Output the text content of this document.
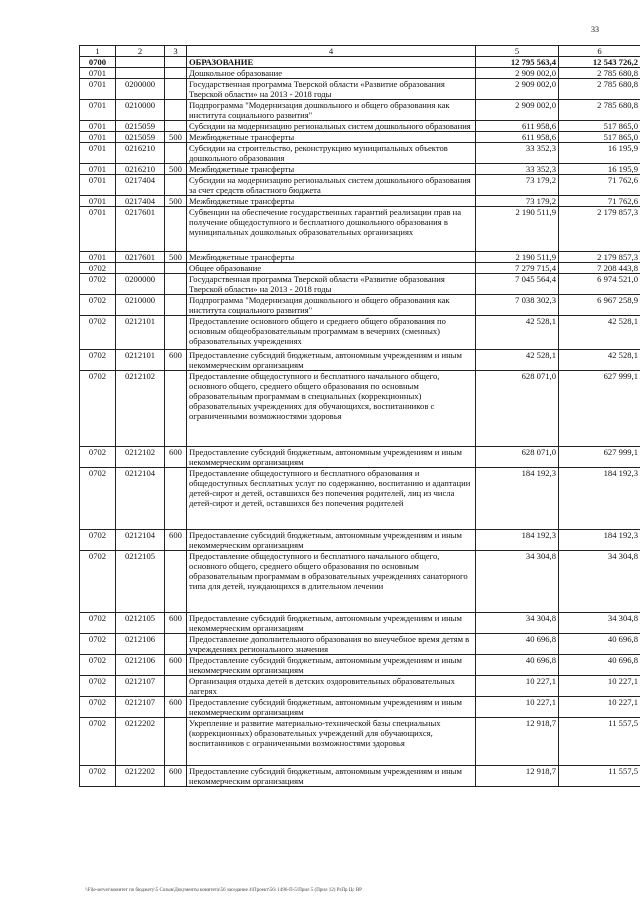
33
1	2	3	4	5	6
0700			ОБРАЗОВАНИЕ	12 795 563,4	12 543 726,2
0701			Дошкольное образование	2 909 002,0	2 785 680,8
0701	0200000		Государственная программа Тверской области «Развитие образования Тверской области» на 2013 - 2018 годы	2 909 002,0	2 785 680,8
0701	0210000		Подпрограмма "Модернизация дошкольного и общего образования как института социального развития"	2 909 002,0	2 785 680,8
0701	0215059		Субсидии на модернизацию региональных систем дошкольного образования	611 958,6	517 865,0
0701	0215059	500	Межбюджетные трансферты	611 958,6	517 865,0
0701	0216210		Субсидии на строительство, реконструкцию муниципальных объектов дошкольного образования	33 352,3	16 195,9
0701	0216210	500	Межбюджетные трансферты	33 352,3	16 195,9
0701	0217404		Субсидии на модернизацию региональных систем дошкольного образования за счет средств областного бюджета	73 179,2	71 762,6
0701	0217404	500	Межбюджетные трансферты	73 179,2	71 762,6
0701	0217601		Субвенции на обеспечение государственных гарантий реализации прав на получение общедоступного и бесплатного дошкольного образования в муниципальных дошкольных образовательных организациях	2 190 511,9	2 179 857,3
0701	0217601	500	Межбюджетные трансферты	2 190 511,9	2 179 857,3
0702			Общее образование	7 279 715,4	7 208 443,8
0702	0200000		Государственная программа Тверской области «Развитие образования Тверской области» на 2013 - 2018 годы	7 045 564,4	6 974 521,0
0702	0210000		Подпрограмма "Модернизация дошкольного и общего образования как института социального развития"	7 038 302,3	6 967 258,9
0702	0212101		Предоставление основного общего и среднего общего образования по основным общеобразовательным программам в вечерних (сменных) образовательных учреждениях	42 528,1	42 528,1
0702	0212101	600	Предоставление субсидий бюджетным, автономным учреждениям и иным некоммерческим организациям	42 528,1	42 528,1
0702	0212102		Предоставление общедоступного и бесплатного начального общего, основного общего, среднего общего образования по основным образовательным программам в специальных (коррекционных) образовательных учреждениях для обучающихся, воспитанников с ограниченными возможностями здоровья	628 071,0	627 999,1
0702	0212102	600	Предоставление субсидий бюджетным, автономным учреждениям и иным некоммерческим организациям	628 071,0	627 999,1
0702	0212104		Предоставление общедоступного и бесплатного образования и общедоступных бесплатных услуг по содержанию, воспитанию и адаптации детей-сирот и детей, оставшихся без попечения родителей, лиц из числа детей-сирот и детей, оставшихся без попечения родителей	184 192,3	184 192,3
0702	0212104	600	Предоставление субсидий бюджетным, автономным учреждениям и иным некоммерческим организациям	184 192,3	184 192,3
0702	0212105		Предоставление общедоступного и бесплатного начального общего, основного общего, среднего общего образования по основным образовательным программам в образовательных учреждениях санаторного типа для детей, нуждающихся в длительном лечении	34 304,8	34 304,8
0702	0212105	600	Предоставление субсидий бюджетным, автономным учреждениям и иным некоммерческим организациям	34 304,8	34 304,8
0702	0212106		Предоставление дополнительного образования во внеучебное время детям в учреждениях регионального значения	40 696,8	40 696,8
0702	0212106	600	Предоставление субсидий бюджетным, автономным учреждениям и иным некоммерческим организациям	40 696,8	40 696,8
0702	0212107		Организация отдыха детей в детских оздоровительных образовательных лагерях	10 227,1	10 227,1
0702	0212107	600	Предоставление субсидий бюджетным, автономным учреждениям и иным некоммерческим организациям	10 227,1	10 227,1
0702	0212202		Укрепление и развитие материально-технической базы специальных (коррекционных) образовательных учреждений для обучающихся, воспитанников с ограниченными возможностями здоровья	12 918,7	11 557,5
0702	0212202	600	Предоставление субсидий бюджетным, автономным учреждениям и иным некоммерческим организациям	12 918,7	11 557,5
\\File-server\комитет по бюджету\5 Созыв\Документы комитета\56 заседание 4\Проект\56\ 1496-П-5\Прил 5 (Прил 12) РзПр Цс ВР
